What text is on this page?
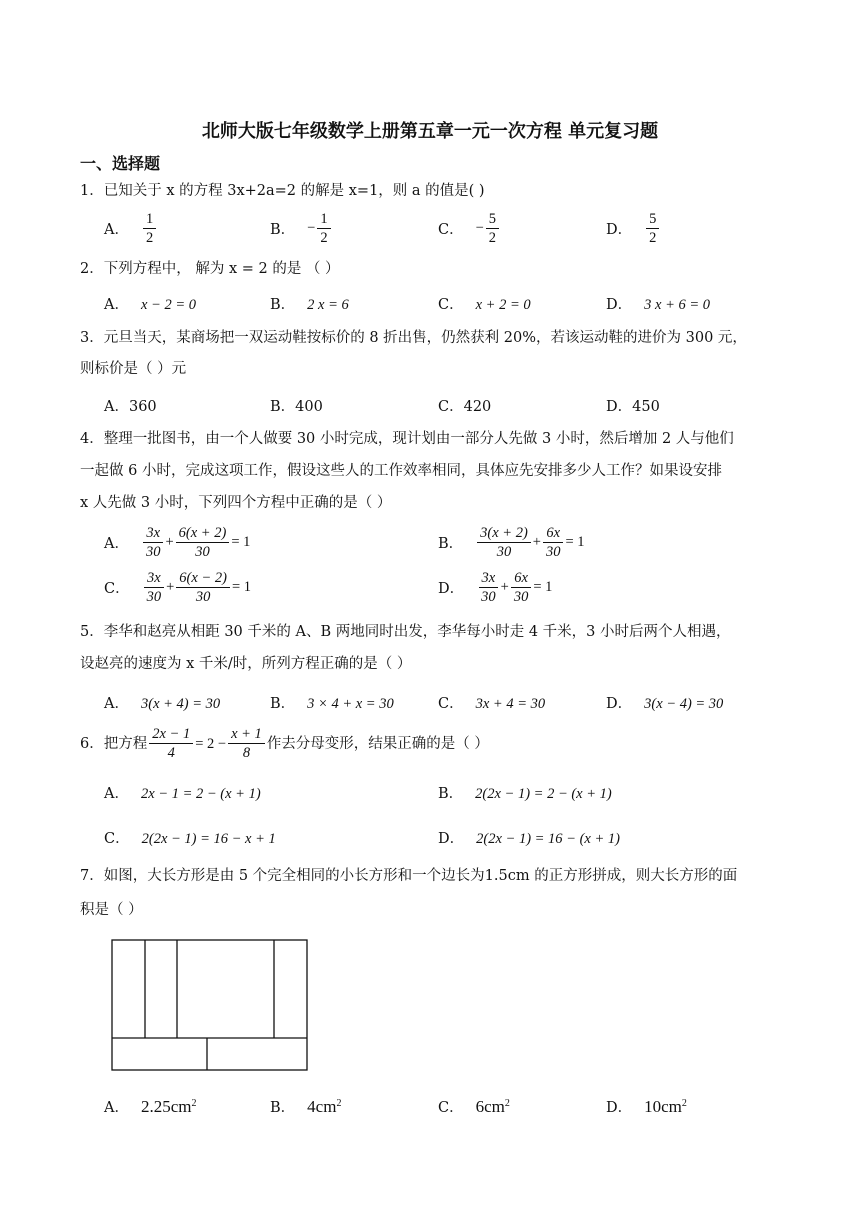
北师大版七年级数学上册第五章一元一次方程 单元复习题
一、选择题
1．已知关于 x 的方程 3x+2a=2 的解是 x=1，则 a 的值是( )
A． $\frac{1}{2}$	B． − $\frac{1}{2}$	C． − $\frac{5}{2}$	D． $\frac{5}{2}$
2．下列方程中， 解为 x = 2 的是 （ ）
A． x − 2 = 0	B． 2 x = 6	C． x + 2 = 0	D． 3 x + 6 = 0
3．元旦当天，某商场把一双运动鞋按标价的 8 折出售，仍然获利 20%，若该运动鞋的进价为 300 元，
则标价是（ ）元
A．360	B．400	C．420	D．450
4．整理一批图书，由一个人做要 30 小时完成，现计划由一部分人先做 3 小时，然后增加 2 人与他们
一起做 6 小时，完成这项工作，假设这些人的工作效率相同，具体应先安排多少人工作？如果设安排
x 人先做 3 小时，下列四个方程中正确的是（ ）
A． $\frac{3x}{30} + \frac{6(x + 2)}{30} = 1$	B． $\frac{3(x + 2)}{30} + \frac{6x}{30} = 1$
C． $\frac{3x}{30} + \frac{6(x - 2)}{30} = 1$	D． $\frac{3x}{30} + \frac{6x}{30} = 1$
5．李华和赵亮从相距 30 千米的 A、B 两地同时出发，李华每小时走 4 千米，3 小时后两个人相遇，
设赵亮的速度为 x 千米/时，所列方程正确的是（ ）
A． 3(x + 4) = 30	B． 3 × 4 + x = 30	C． 3x + 4 = 30	D． 3(x − 4) = 30
6．把方程 $\frac{2x - 1}{4} = 2 - \frac{x + 1}{8}$ 作去分母变形，结果正确的是（ ）
A． 2x − 1 = 2 − (x + 1)	B． 2(2x − 1) = 2 − (x + 1)
C． 2(2x − 1) = 16 − x + 1	D． 2(2x − 1) = 16 − (x + 1)
7．如图，大长方形是由 5 个完全相同的小长方形和一个边长为1.5cm 的正方形拼成，则大长方形的面
积是（ ）
A． $2.25cm^2$	B． $4cm^2$	C． $6cm^2$	D． $10cm^2$
